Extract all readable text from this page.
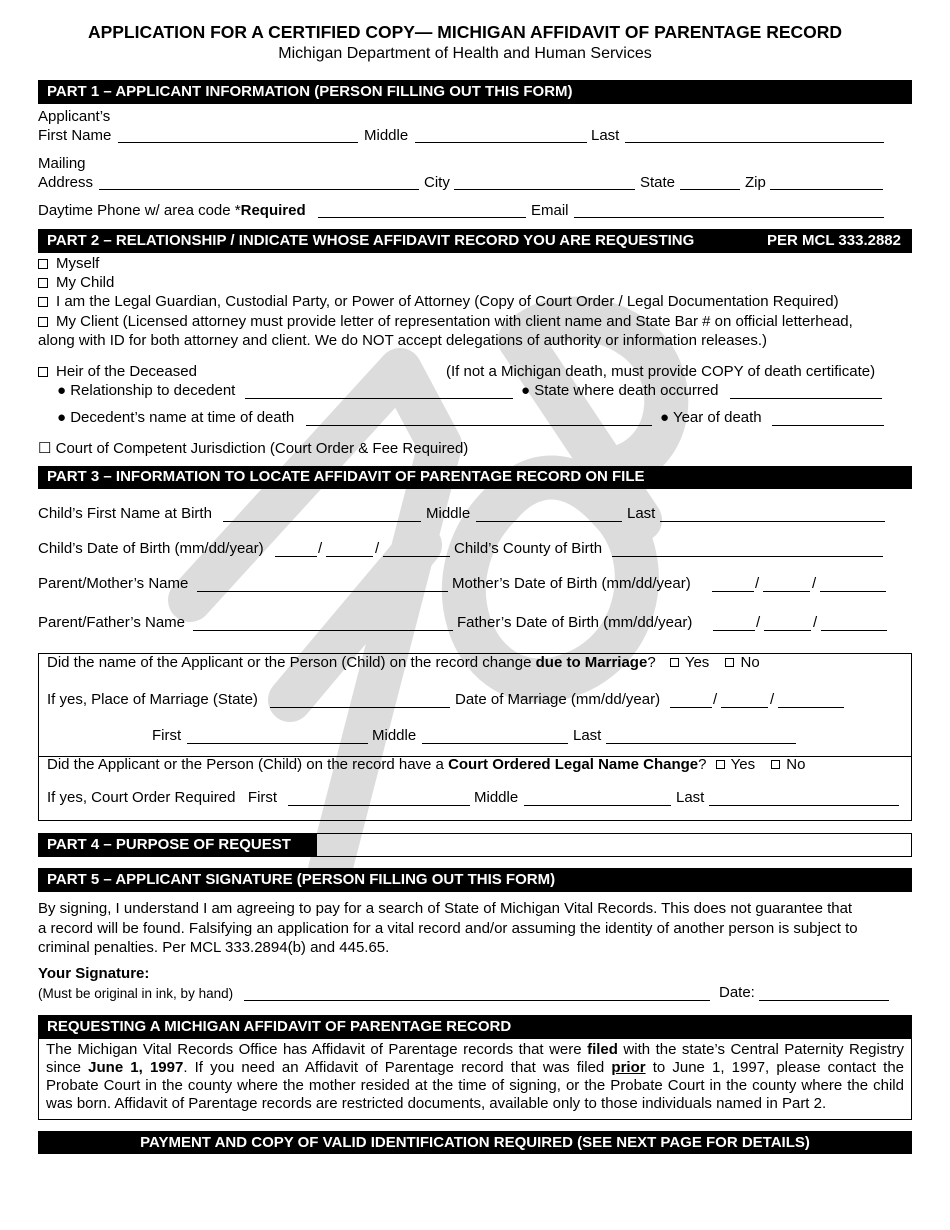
APPLICATION FOR A CERTIFIED COPY— MICHIGAN AFFIDAVIT OF PARENTAGE RECORD
Michigan Department of Health and Human Services
PART 1 – APPLICANT INFORMATION (PERSON FILLING OUT THIS FORM)
Applicant’s
First Name	Middle	Last
Mailing
Address	City	State	Zip
Daytime Phone w/ area code *Required	Email
PART 2 – RELATIONSHIP / INDICATE WHOSE AFFIDAVIT RECORD YOU ARE REQUESTING	PER MCL 333.2882
Myself
My Child
I am the Legal Guardian, Custodial Party, or Power of Attorney (Copy of Court Order / Legal Documentation Required)
My Client (Licensed attorney must provide letter of representation with client name and State Bar # on official letterhead,
along with ID for both attorney and client. We do NOT accept delegations of authority or information releases.)
Heir of the Deceased	(If not a Michigan death, must provide COPY of death certificate)
● Relationship to decedent	● State where death occurred
● Decedent’s name at time of death	● Year of death
☐ Court of Competent Jurisdiction (Court Order & Fee Required)
PART 3 – INFORMATION TO LOCATE AFFIDAVIT OF PARENTAGE RECORD ON FILE
Child’s First Name at Birth	Middle	Last
Child’s Date of Birth (mm/dd/year)	/	/	Child’s County of Birth
Parent/Mother’s Name	Mother’s Date of Birth (mm/dd/year)	/	/
Parent/Father’s Name	Father’s Date of Birth (mm/dd/year)	/	/
Did the name of the Applicant or the Person (Child) on the record change due to Marriage? Yes No
If yes, Place of Marriage (State)	Date of Marriage (mm/dd/year)	/	/
First	Middle	Last
Did the Applicant or the Person (Child) on the record have a Court Ordered Legal Name Change? Yes No
If yes, Court Order Required   First	Middle	Last
PART 4 – PURPOSE OF REQUEST
PART 5 – APPLICANT SIGNATURE (PERSON FILLING OUT THIS FORM)
By signing, I understand I am agreeing to pay for a search of State of Michigan Vital Records. This does not guarantee that
a record will be found. Falsifying an application for a vital record and/or assuming the identity of another person is subject to
criminal penalties. Per MCL 333.2894(b) and 445.65.
Your Signature:
(Must be original in ink, by hand)	Date:
REQUESTING A MICHIGAN AFFIDAVIT OF PARENTAGE RECORD
The Michigan Vital Records Office has Affidavit of Parentage records that were filed with the state’s Central Paternity Registry
since June 1, 1997. If you need an Affidavit of Parentage record that was filed prior to June 1, 1997, please contact the
Probate Court in the county where the mother resided at the time of signing, or the Probate Court in the county where the child
was born. Affidavit of Parentage records are restricted documents, available only to those individuals named in Part 2.
PAYMENT AND COPY OF VALID IDENTIFICATION REQUIRED (SEE NEXT PAGE FOR DETAILS)
